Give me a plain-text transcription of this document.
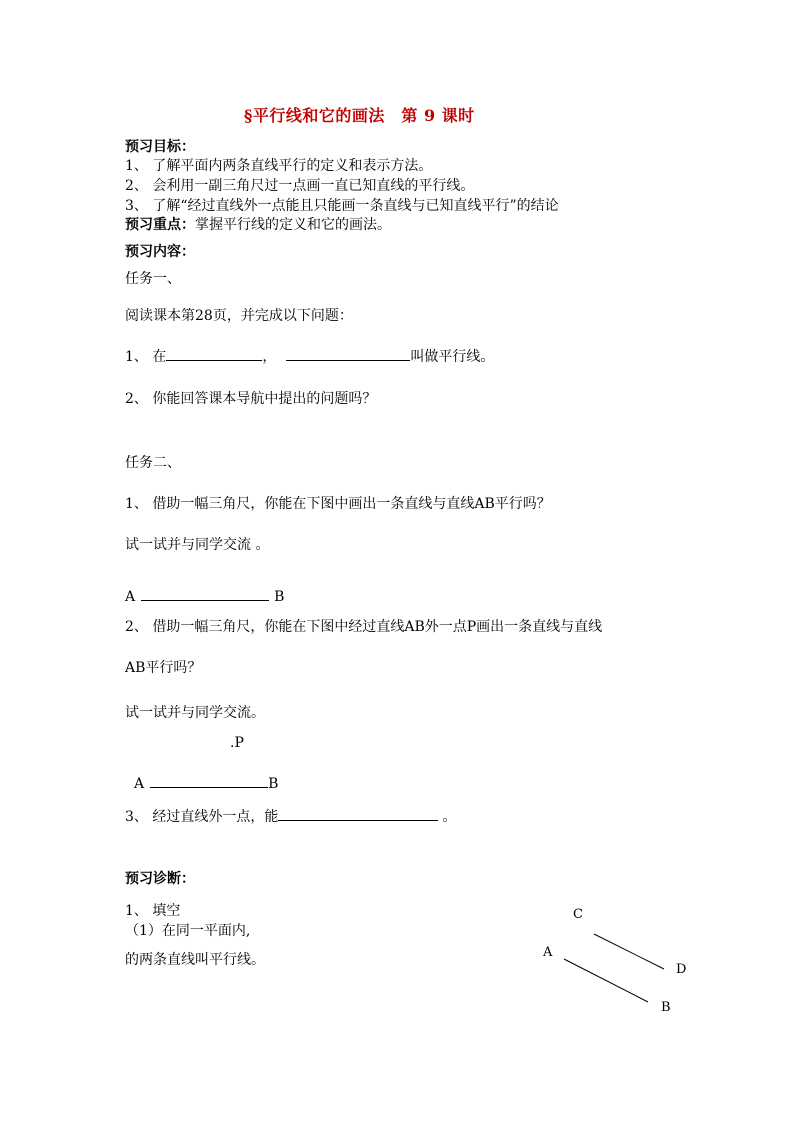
§平行线和它的画法　第 9 课时
预习目标：
1、 了解平面内两条直线平行的定义和表示方法。
2、 会利用一副三角尺过一点画一直已知直线的平行线。
3、 了解“经过直线外一点能且只能画一条直线与已知直线平行”的结论
预习重点：掌握平行线的定义和它的画法。
预习内容：
任务一、
阅读课本第28页，并完成以下问题：
1、 在	，	叫做平行线。
2、 你能回答课本导航中提出的问题吗？
任务二、
1、 借助一幅三角尺，你能在下图中画出一条直线与直线AB平行吗？
试一试并与同学交流 。
A	B
2、 借助一幅三角尺，你能在下图中经过直线AB外一点P画出一条直线与直线
AB平行吗？
试一试并与同学交流。
.P
A	B
3、 经过直线外一点，能	。
预习诊断：
1、 填空
（1）在同一平面内,
的两条直线叫平行线。
C
D
A
B
